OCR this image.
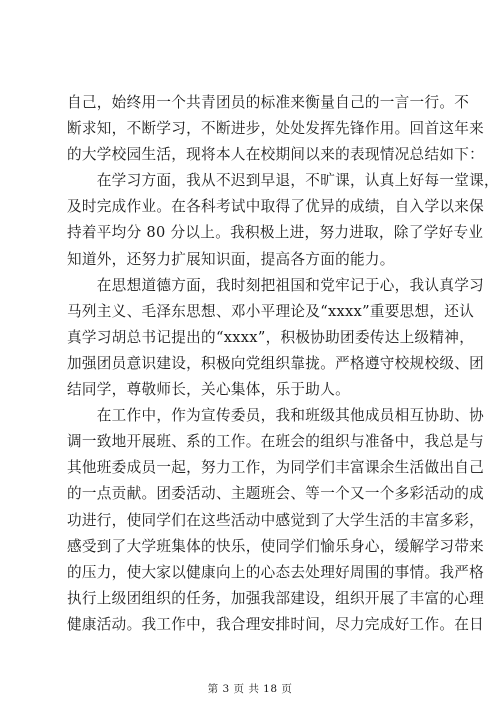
自己，始终用一个共青团员的标准来衡量自己的一言一行。不
断求知，不断学习，不断进步，处处发挥先锋作用。回首这年来
的大学校园生活，现将本人在校期间以来的表现情况总结如下：
　　在学习方面，我从不迟到早退，不旷课，认真上好每一堂课，
及时完成作业。在各科考试中取得了优异的成绩，自入学以来保
持着平均分 80 分以上。我积极上进，努力进取，除了学好专业
知道外，还努力扩展知识面，提高各方面的能力。
　　在思想道德方面，我时刻把祖国和党牢记于心，我认真学习
马列主义、毛泽东思想、邓小平理论及“xxxx”重要思想，还认
真学习胡总书记提出的“xxxx”，积极协助团委传达上级精神，
加强团员意识建设，积极向党组织靠拢。严格遵守校规校级、团
结同学，尊敬师长，关心集体，乐于助人。
　　在工作中，作为宣传委员，我和班级其他成员相互协助、协
调一致地开展班、系的工作。在班会的组织与准备中，我总是与
其他班委成员一起，努力工作，为同学们丰富课余生活做出自己
的一点贡献。团委活动、主题班会、等一个又一个多彩活动的成
功进行，使同学们在这些活动中感觉到了大学生活的丰富多彩，
感受到了大学班集体的快乐，使同学们愉乐身心，缓解学习带来
的压力，使大家以健康向上的心态去处理好周围的事情。我严格
执行上级团组织的任务，加强我部建设，组织开展了丰富的心理
健康活动。我工作中，我合理安排时间，尽力完成好工作。在日
第 3 页 共 18 页
